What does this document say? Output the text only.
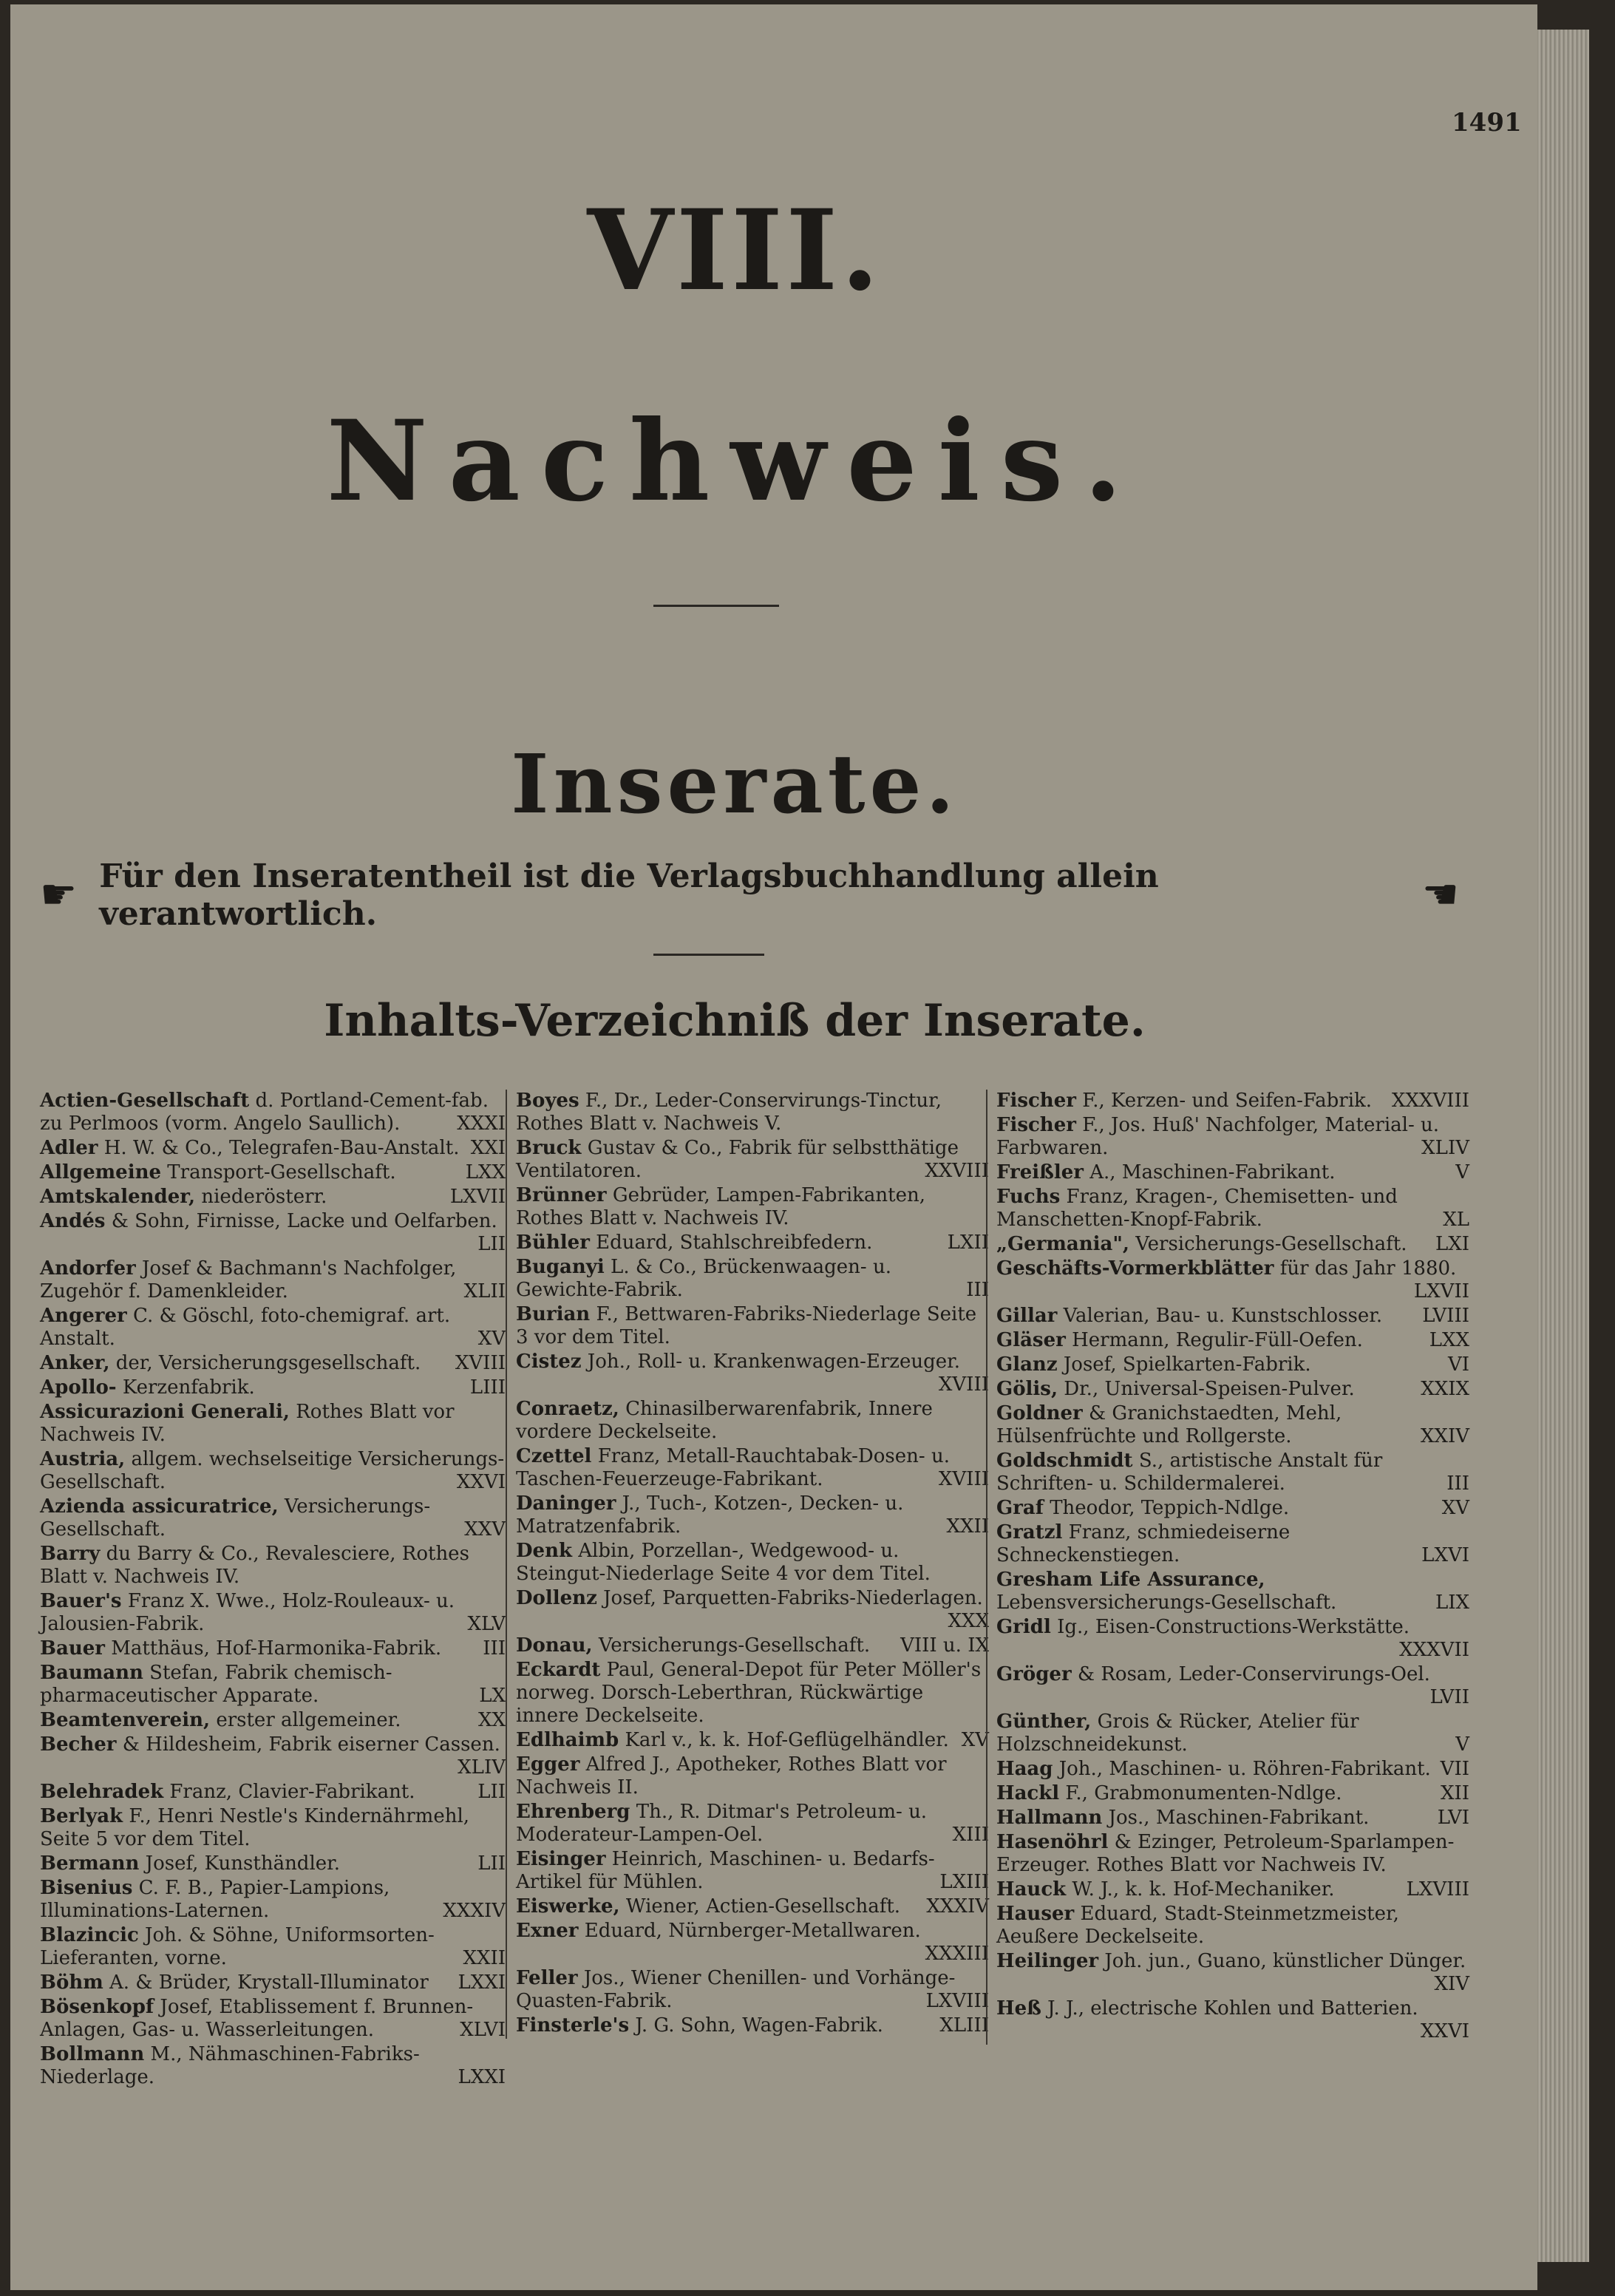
1491
VIII.
Nachweis.
Inserate.
☛ Für den Inseratentheil ist die Verlagsbuchhandlung allein verantwortlich.	☚
Inhalts-Verzeichniß der Inserate.
Actien-Gesellschaft d. Portland-Cement-fab. zu Perlmoos (vorm. Angelo Saullich).	XXXI
Adler H. W. & Co., Telegrafen-Bau-Anstalt. XXI
Allgemeine Transport-Gesellschaft.	LXX
Amtskalender, niederösterr.	LXVII
Andés & Sohn, Firnisse, Lacke und Oelfarben.
LII
Andorfer Josef & Bachmann's Nachfolger, Zugehör f. Damenkleider.	XLII
Angerer C. & Göschl, foto-chemigraf. art. Anstalt.	XV
Anker, der, Versicherungsgesellschaft. XVIII
Apollo- Kerzenfabrik.	LIII
Assicurazioni Generali, Rothes Blatt vor Nachweis IV.
Austria, allgem. wechselseitige Versicherungs-Gesellschaft.	XXVI
Azienda assicuratrice, Versicherungs-Gesellschaft.	XXV
Barry du Barry & Co., Revalesciere, Rothes Blatt v. Nachweis IV.
Bauer's Franz X. Wwe., Holz-Rouleaux- u. Jalousien-Fabrik.	XLV
Bauer Matthäus, Hof-Harmonika-Fabrik. III
Baumann Stefan, Fabrik chemisch-pharmaceutischer Apparate.	LX
Beamtenverein, erster allgemeiner.	XX
Becher & Hildesheim, Fabrik eiserner Cassen.
XLIV
Belehradek Franz, Clavier-Fabrikant.	LII
Berlyak F., Henri Nestle's Kindernährmehl, Seite 5 vor dem Titel.
Bermann Josef, Kunsthändler.	LII
Bisenius C. F. B., Papier-Lampions, Illuminations-Laternen.	XXXIV
Blazincic Joh. & Söhne, Uniformsorten-Lieferanten, vorne.	XXII
Böhm A. & Brüder, Krystall-Illuminator LXXI
Bösenkopf Josef, Etablissement f. Brunnen-Anlagen, Gas- u. Wasserleitungen.	XLVI
Bollmann M., Nähmaschinen-Fabriks-Niederlage.	LXXI
Boyes F., Dr., Leder-Conservirungs-Tinctur, Rothes Blatt v. Nachweis V.
Bruck Gustav & Co., Fabrik für selbstthätige Ventilatoren.	XXVIII
Brünner Gebrüder, Lampen-Fabrikanten, Rothes Blatt v. Nachweis IV.
Bühler Eduard, Stahlschreibfedern.	LXII
Buganyi L. & Co., Brückenwaagen- u. Gewichte-Fabrik.	III
Burian F., Bettwaren-Fabriks-Niederlage Seite 3 vor dem Titel.
Cistez Joh., Roll- u. Krankenwagen-Erzeuger.
XVIII
Conraetz, Chinasilberwarenfabrik, Innere vordere Deckelseite.
Czettel Franz, Metall-Rauchtabak-Dosen- u. Taschen-Feuerzeuge-Fabrikant.	XVIII
Daninger J., Tuch-, Kotzen-, Decken- u. Matratzenfabrik.	XXII
Denk Albin, Porzellan-, Wedgewood- u. Steingut-Niederlage Seite 4 vor dem Titel.
Dollenz Josef, Parquetten-Fabriks-Niederlagen.
XXX
Donau, Versicherungs-Gesellschaft. VIII u. IX
Eckardt Paul, General-Depot für Peter Möller's norweg. Dorsch-Leberthran, Rückwärtige innere Deckelseite.
Edlhaimb Karl v., k. k. Hof-Geflügelhändler. XV
Egger Alfred J., Apotheker, Rothes Blatt vor Nachweis II.
Ehrenberg Th., R. Ditmar's Petroleum- u. Moderateur-Lampen-Oel.	XIII
Eisinger Heinrich, Maschinen- u. Bedarfs-Artikel für Mühlen.	LXIII
Eiswerke, Wiener, Actien-Gesellschaft. XXXIV
Exner Eduard, Nürnberger-Metallwaren.
XXXIII
Feller Jos., Wiener Chenillen- und Vorhänge-Quasten-Fabrik.	LXVIII
Finsterle's J. G. Sohn, Wagen-Fabrik.	XLIII
Fischer F., Kerzen- und Seifen-Fabrik. XXXVIII
Fischer F., Jos. Huß' Nachfolger, Material- u. Farbwaren.	XLIV
Freißler A., Maschinen-Fabrikant.	V
Fuchs Franz, Kragen-, Chemisetten- und Manschetten-Knopf-Fabrik.	XL
„Germania", Versicherungs-Gesellschaft. LXI
Geschäfts-Vormerkblätter für das Jahr 1880.
LXVII
Gillar Valerian, Bau- u. Kunstschlosser. LVIII
Gläser Hermann, Regulir-Füll-Oefen.	LXX
Glanz Josef, Spielkarten-Fabrik.	VI
Gölis, Dr., Universal-Speisen-Pulver.	XXIX
Goldner & Granichstaedten, Mehl, Hülsenfrüchte und Rollgerste.	XXIV
Goldschmidt S., artistische Anstalt für Schriften- u. Schildermalerei.	III
Graf Theodor, Teppich-Ndlge.	XV
Gratzl Franz, schmiedeiserne Schneckenstiegen.	LXVI
Gresham Life Assurance, Lebensversicherungs-Gesellschaft.	LIX
Gridl Ig., Eisen-Constructions-Werkstätte.
XXXVII
Gröger & Rosam, Leder-Conservirungs-Oel.
LVII
Günther, Grois & Rücker, Atelier für Holzschneidekunst.	V
Haag Joh., Maschinen- u. Röhren-Fabrikant. VII
Hackl F., Grabmonumenten-Ndlge.	XII
Hallmann Jos., Maschinen-Fabrikant.	LVI
Hasenöhrl & Ezinger, Petroleum-Sparlampen-Erzeuger. Rothes Blatt vor Nachweis IV.
Hauck W. J., k. k. Hof-Mechaniker.	LXVIII
Hauser Eduard, Stadt-Steinmetzmeister, Aeußere Deckelseite.
Heilinger Joh. jun., Guano, künstlicher Dünger.
XIV
Heß J. J., electrische Kohlen und Batterien.
XXVI
